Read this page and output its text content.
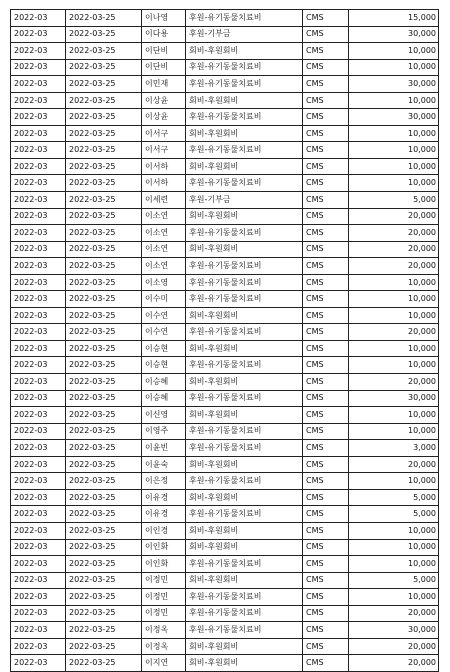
2022-03	2022-03-25	이나영	후원-유기동물치료비	CMS	15,000
2022-03	2022-03-25	이다용	후원-기부금	CMS	30,000
2022-03	2022-03-25	이단비	회비-후원회비	CMS	10,000
2022-03	2022-03-25	이단비	후원-유기동물치료비	CMS	10,000
2022-03	2022-03-25	이민재	후원-유기동물치료비	CMS	30,000
2022-03	2022-03-25	이상윤	회비-후원회비	CMS	10,000
2022-03	2022-03-25	이상윤	후원-유기동물치료비	CMS	30,000
2022-03	2022-03-25	이서구	회비-후원회비	CMS	10,000
2022-03	2022-03-25	이서구	후원-유기동물치료비	CMS	10,000
2022-03	2022-03-25	이서하	회비-후원회비	CMS	10,000
2022-03	2022-03-25	이서하	후원-유기동물치료비	CMS	10,000
2022-03	2022-03-25	이세련	후원-기부금	CMS	5,000
2022-03	2022-03-25	이소연	회비-후원회비	CMS	20,000
2022-03	2022-03-25	이소연	후원-유기동물치료비	CMS	20,000
2022-03	2022-03-25	이소연	회비-후원회비	CMS	20,000
2022-03	2022-03-25	이소연	후원-유기동물치료비	CMS	20,000
2022-03	2022-03-25	이소영	후원-유기동물치료비	CMS	10,000
2022-03	2022-03-25	이수미	후원-유기동물치료비	CMS	10,000
2022-03	2022-03-25	이수연	회비-후원회비	CMS	10,000
2022-03	2022-03-25	이수연	후원-유기동물치료비	CMS	20,000
2022-03	2022-03-25	이승현	회비-후원회비	CMS	10,000
2022-03	2022-03-25	이승현	후원-유기동물치료비	CMS	10,000
2022-03	2022-03-25	이승혜	회비-후원회비	CMS	20,000
2022-03	2022-03-25	이승혜	후원-유기동물치료비	CMS	30,000
2022-03	2022-03-25	이신영	회비-후원회비	CMS	10,000
2022-03	2022-03-25	이영주	후원-유기동물치료비	CMS	10,000
2022-03	2022-03-25	이윤빈	후원-유기동물치료비	CMS	3,000
2022-03	2022-03-25	이윤숙	회비-후원회비	CMS	20,000
2022-03	2022-03-25	이은정	후원-유기동물치료비	CMS	10,000
2022-03	2022-03-25	이유경	회비-후원회비	CMS	5,000
2022-03	2022-03-25	이유경	후원-유기동물치료비	CMS	5,000
2022-03	2022-03-25	이인경	회비-후원회비	CMS	10,000
2022-03	2022-03-25	이인화	회비-후원회비	CMS	10,000
2022-03	2022-03-25	이인화	후원-유기동물치료비	CMS	10,000
2022-03	2022-03-25	이정민	회비-후원회비	CMS	5,000
2022-03	2022-03-25	이정민	후원-유기동물치료비	CMS	10,000
2022-03	2022-03-25	이정민	후원-유기동물치료비	CMS	20,000
2022-03	2022-03-25	이정옥	후원-유기동물치료비	CMS	30,000
2022-03	2022-03-25	이정옥	회비-후원회비	CMS	20,000
2022-03	2022-03-25	이지연	회비-후원회비	CMS	20,000
